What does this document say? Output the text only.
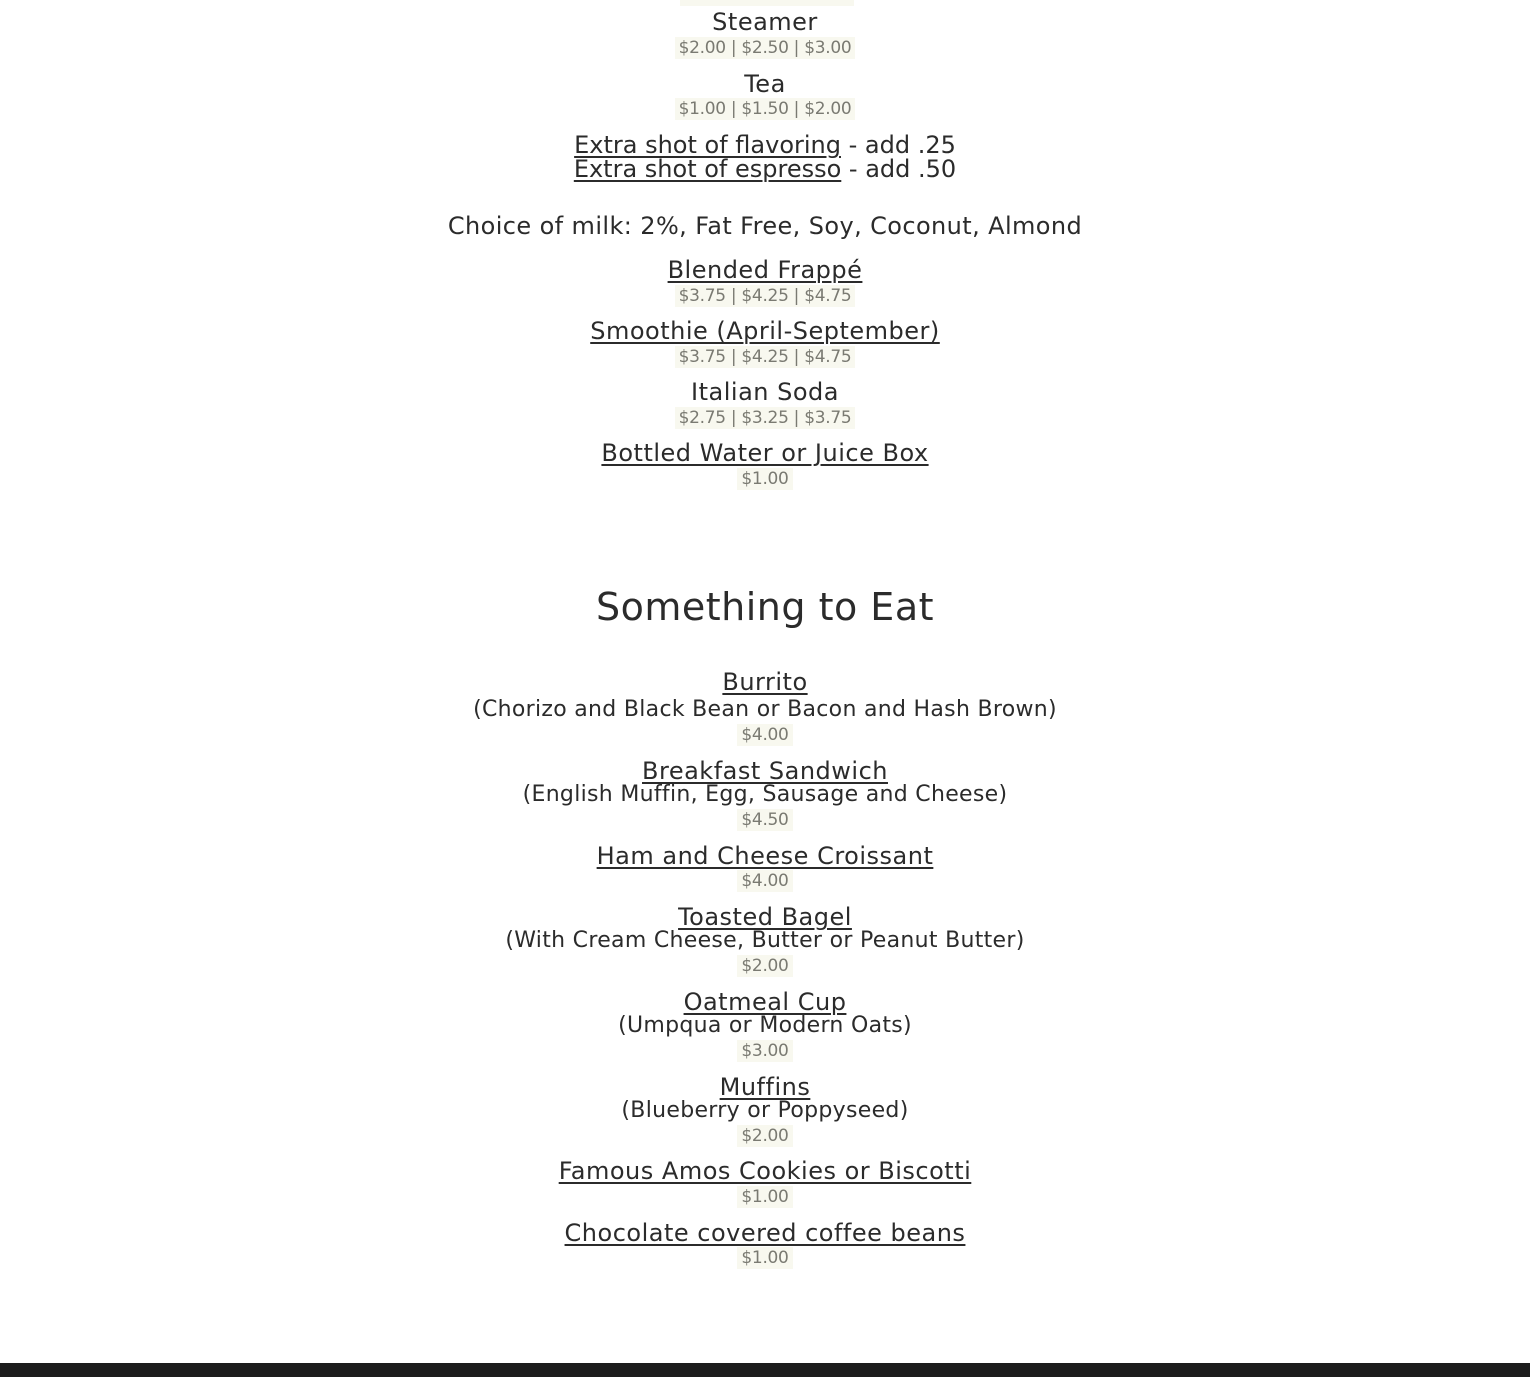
Steamer
$2.00 | $2.50 | $3.00
Tea
$1.00 | $1.50 | $2.00
Extra shot of flavoring - add .25
Extra shot of espresso - add .50
Choice of milk: 2%, Fat Free, Soy, Coconut, Almond
Blended Frappé
$3.75 | $4.25 | $4.75
Smoothie (April-September)
$3.75 | $4.25 | $4.75
Italian Soda
$2.75 | $3.25 | $3.75
Bottled Water or Juice Box
$1.00
Something to Eat
Burrito
(Chorizo and Black Bean or Bacon and Hash Brown)
$4.00
Breakfast Sandwich
(English Muffin, Egg, Sausage and Cheese)
$4.50
Ham and Cheese Croissant
$4.00
Toasted Bagel
(With Cream Cheese, Butter or Peanut Butter)
$2.00
Oatmeal Cup
(Umpqua or Modern Oats)
$3.00
Muffins
(Blueberry or Poppyseed)
$2.00
Famous Amos Cookies or Biscotti
$1.00
Chocolate covered coffee beans
$1.00
